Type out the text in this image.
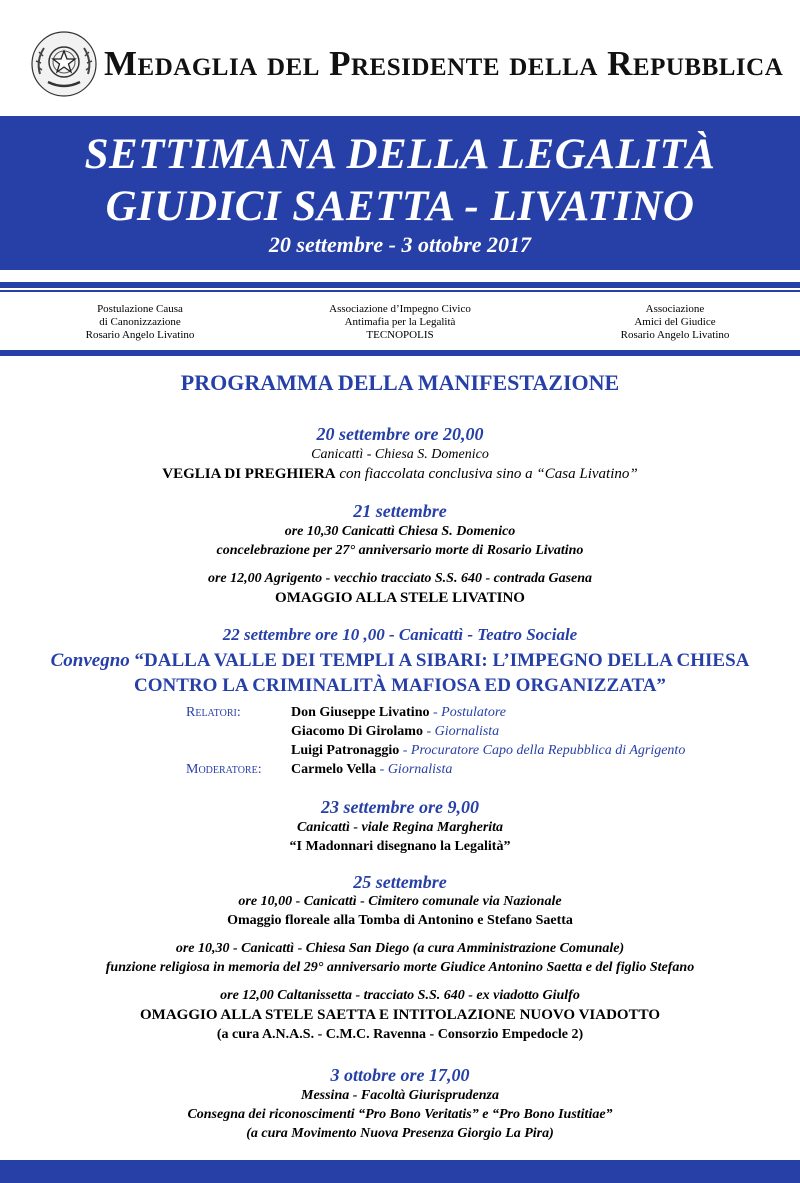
Medaglia del Presidente della Repubblica
SETTIMANA DELLA LEGALITÀ
GIUDICI SAETTA - LIVATINO
20 settembre - 3 ottobre 2017
Postulazione Causa
di Canonizzazione
Rosario Angelo Livatino
Associazione d’Impegno Civico
Antimafia per la Legalità
TECNOPOLIS
Associazione
Amici del Giudice
Rosario Angelo Livatino
PROGRAMMA DELLA MANIFESTAZIONE
20 settembre ore 20,00
Canicattì - Chiesa S. Domenico
VEGLIA DI PREGHIERA con fiaccolata conclusiva sino a “Casa Livatino”
21 settembre
ore 10,30 Canicattì Chiesa S. Domenico
concelebrazione per 27° anniversario morte di Rosario Livatino
ore 12,00 Agrigento - vecchio tracciato S.S. 640 - contrada Gasena
OMAGGIO ALLA STELE LIVATINO
22 settembre ore 10 ,00 - Canicattì - Teatro Sociale
Convegno “DALLA VALLE DEI TEMPLI A SIBARI: L’IMPEGNO DELLA CHIESA
CONTRO LA CRIMINALITÀ MAFIOSA ED ORGANIZZATA”
Relatori:	Don Giuseppe Livatino - Postulatore
Giacomo Di Girolamo - Giornalista
Luigi Patronaggio - Procuratore Capo della Repubblica di Agrigento
Moderatore: Carmelo Vella - Giornalista
23 settembre ore 9,00
Canicattì - viale Regina Margherita
“I Madonnari disegnano la Legalità”
25 settembre
ore 10,00 - Canicattì - Cimitero comunale via Nazionale
Omaggio floreale alla Tomba di Antonino e Stefano Saetta
ore 10,30 - Canicattì - Chiesa San Diego (a cura Amministrazione Comunale)
funzione religiosa in memoria del 29° anniversario morte Giudice Antonino Saetta e del figlio Stefano
ore 12,00 Caltanissetta - tracciato S.S. 640 - ex viadotto Giulfo
OMAGGIO ALLA STELE SAETTA E INTITOLAZIONE NUOVO VIADOTTO
(a cura A.N.A.S. - C.M.C. Ravenna - Consorzio Empedocle 2)
3 ottobre ore 17,00
Messina - Facoltà Giurisprudenza
Consegna dei riconoscimenti “Pro Bono Veritatis” e “Pro Bono Iustitiae”
(a cura Movimento Nuova Presenza Giorgio La Pira)
